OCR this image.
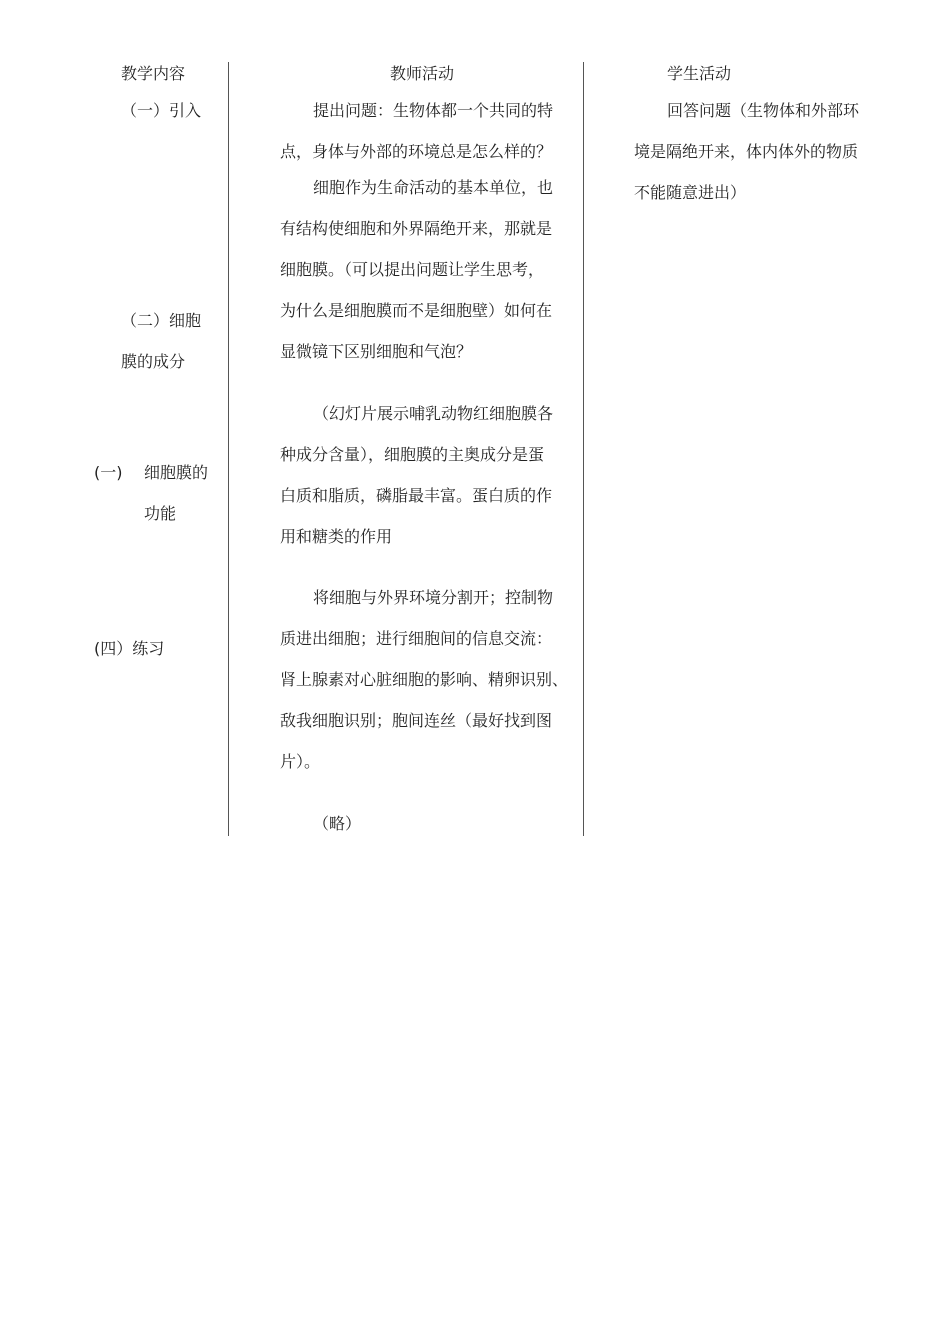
教学内容	教师活动	学生活动
（一）引入
（二）细胞
膜的成分
(一) 细胞膜的
功能
(四）练习
提出问题：生物体都一个共同的特
点，身体与外部的环境总是怎么样的？
细胞作为生命活动的基本单位，也
有结构使细胞和外界隔绝开来，那就是
细胞膜。（可以提出问题让学生思考，
为什么是细胞膜而不是细胞壁）如何在
显微镜下区别细胞和气泡？
（幻灯片展示哺乳动物红细胞膜各
种成分含量），细胞膜的主奥成分是蛋
白质和脂质，磷脂最丰富。蛋白质的作
用和糖类的作用
将细胞与外界环境分割开；控制物
质进出细胞；进行细胞间的信息交流：
肾上腺素对心脏细胞的影响、精卵识别、
敌我细胞识别；胞间连丝（最好找到图
片）。
（略）
回答问题（生物体和外部环
境是隔绝开来，体内体外的物质
不能随意进出）
